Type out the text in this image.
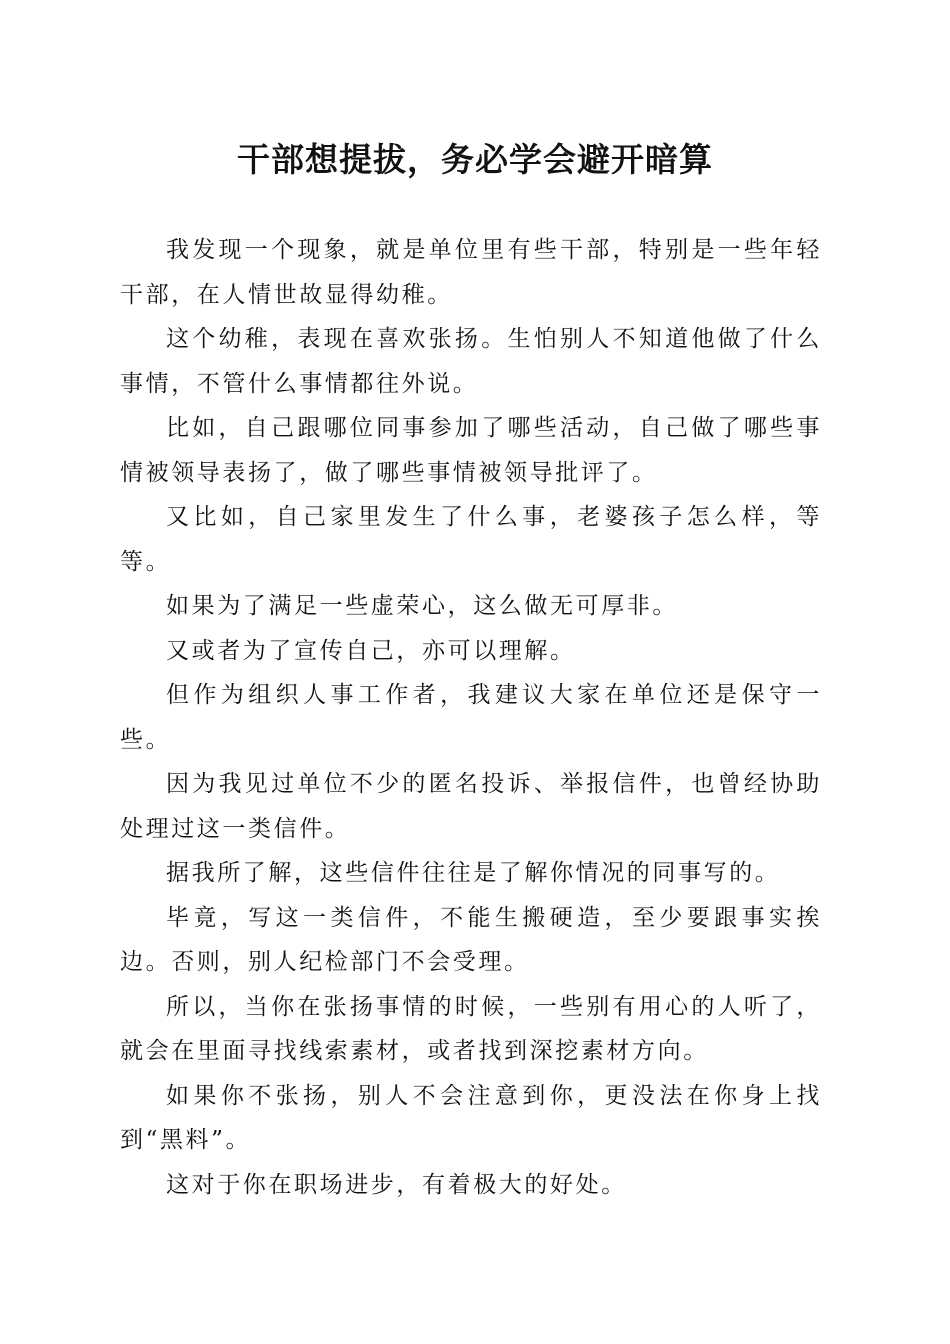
干部想提拔，务必学会避开暗算

我发现一个现象，就是单位里有些干部，特别是一些年轻干部，在人情世故显得幼稚。

这个幼稚，表现在喜欢张扬。生怕别人不知道他做了什么事情，不管什么事情都往外说。

比如，自己跟哪位同事参加了哪些活动，自己做了哪些事情被领导表扬了，做了哪些事情被领导批评了。

又比如，自己家里发生了什么事，老婆孩子怎么样，等等。

如果为了满足一些虚荣心，这么做无可厚非。

又或者为了宣传自己，亦可以理解。

但作为组织人事工作者，我建议大家在单位还是保守一些。

因为我见过单位不少的匿名投诉、举报信件，也曾经协助处理过这一类信件。

据我所了解，这些信件往往是了解你情况的同事写的。

毕竟，写这一类信件，不能生搬硬造，至少要跟事实挨边。否则，别人纪检部门不会受理。

所以，当你在张扬事情的时候，一些别有用心的人听了，就会在里面寻找线索素材，或者找到深挖素材方向。

如果你不张扬，别人不会注意到你，更没法在你身上找到“黑料”。

这对于你在职场进步，有着极大的好处。
